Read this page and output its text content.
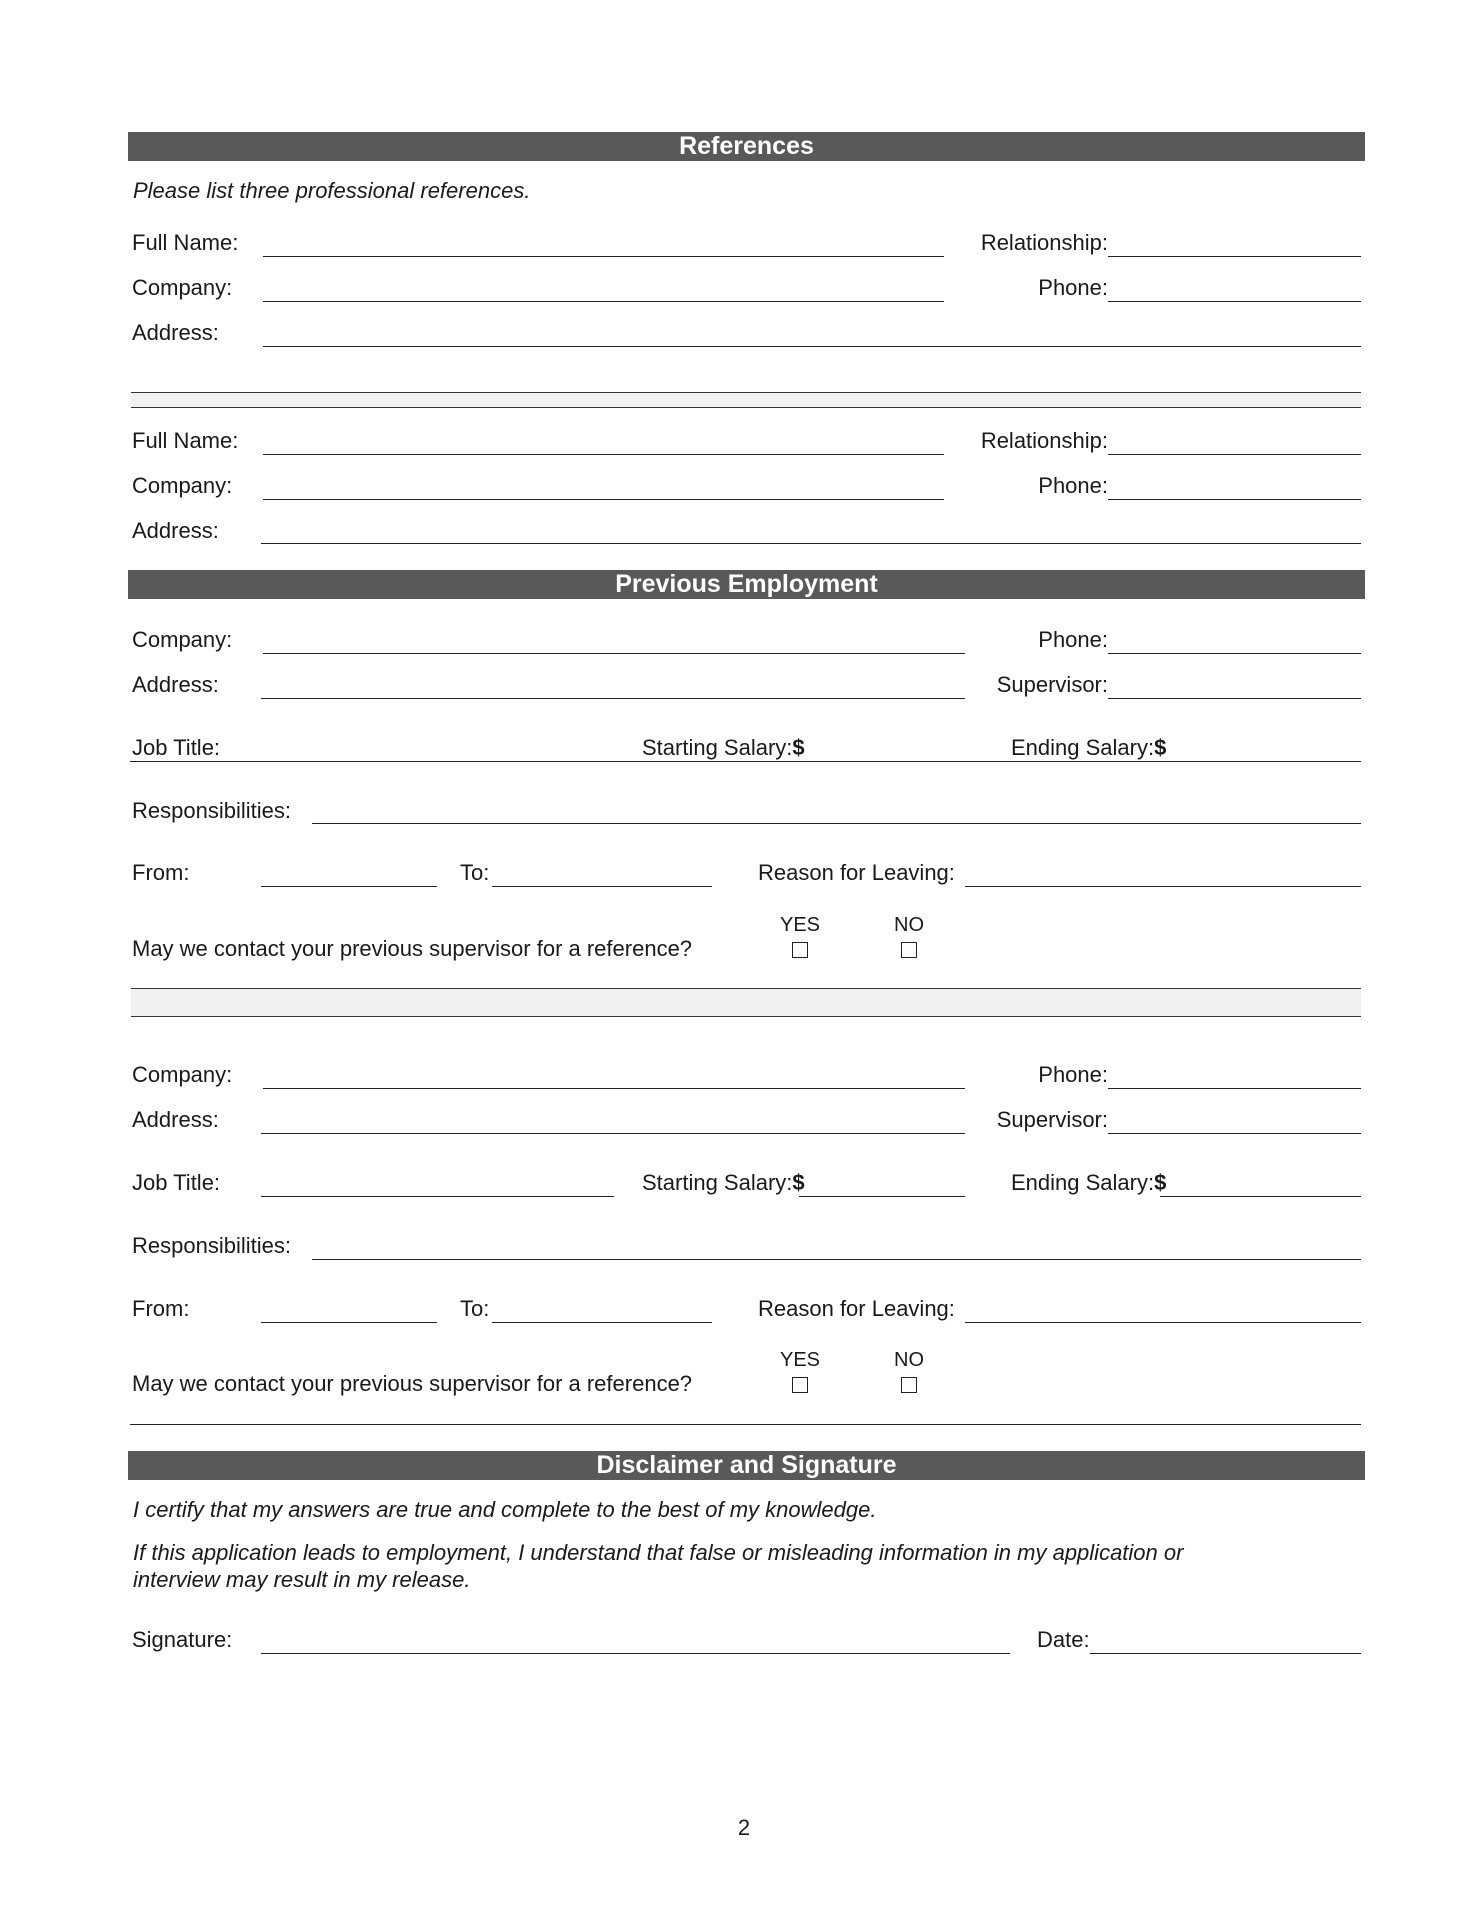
References
Please list three professional references.
Full Name:	Relationship:
Company:	Phone:
Address:
Full Name:	Relationship:
Company:	Phone:
Address:
Previous Employment
Company:	Phone:
Address:	Supervisor:
Job Title:	Starting Salary:$	Ending Salary:$
Responsibilities:
From:	To:	Reason for Leaving:
May we contact your previous supervisor for a reference?
YES	NO
Company:	Phone:
Address:	Supervisor:
Job Title:	Starting Salary:$	Ending Salary:$
Responsibilities:
From:	To:	Reason for Leaving:
May we contact your previous supervisor for a reference?
YES	NO
Disclaimer and Signature
I certify that my answers are true and complete to the best of my knowledge.
If this application leads to employment, I understand that false or misleading information in my application or
interview may result in my release.
Signature:	Date:
2
